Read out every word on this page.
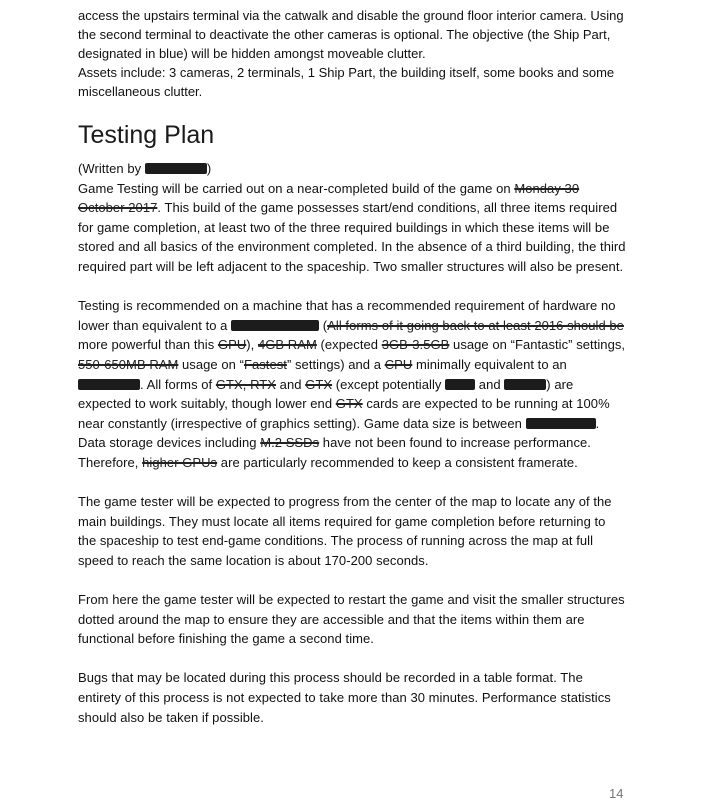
access the upstairs terminal via the catwalk and disable the ground floor interior camera. Using

the second terminal to deactivate the other cameras is optional. The objective (the Ship Part,

designated in blue) will be hidden amongst moveable clutter.

Assets include: 3 cameras, 2 terminals, 1 Ship Part, the building itself, some books and some

miscellaneous clutter.

Testing Plan

(Written by	)

Game Testing will be carried out on a near-completed build of the game on Monday 30 October 2017. This build of the game possesses start/end conditions, all three items required for game completion, at least two of the three required buildings in which these items will be stored and all basics of the environment completed. In the absence of a third building, the third required part will be left adjacent to the spaceship. Two smaller structures will also be present.

Testing is recommended on a machine that has a recommended requirement of hardware no lower than equivalent to a	(All forms of it going back to at least 2016 should be more powerful than this GPU), 4GB RAM (expected 3GB-3.5GB usage on “Fantastic” settings, 550-650MB RAM usage on “Fastest” settings) and a CPU minimally equivalent to an . All forms of GTX, RTX and GTX (except potentially  and	) are expected to work suitably, though lower end GTX cards are expected to be running at 100% near constantly (irrespective of graphics setting). Game data size is between	. Data storage devices including M.2 SSDs have not been found to increase performance. Therefore, higher GPUs are particularly recommended to keep a consistent framerate.

The game tester will be expected to progress from the center of the map to locate any of the main buildings. They must locate all items required for game completion before returning to the spaceship to test end-game conditions. The process of running across the map at full speed to reach the same location is about 170-200 seconds.

From here the game tester will be expected to restart the game and visit the smaller structures dotted around the map to ensure they are accessible and that the items within them are functional before finishing the game a second time.

Bugs that may be located during this process should be recorded in a table format. The entirety of this process is not expected to take more than 30 minutes. Performance statistics should also be taken if possible.

14
